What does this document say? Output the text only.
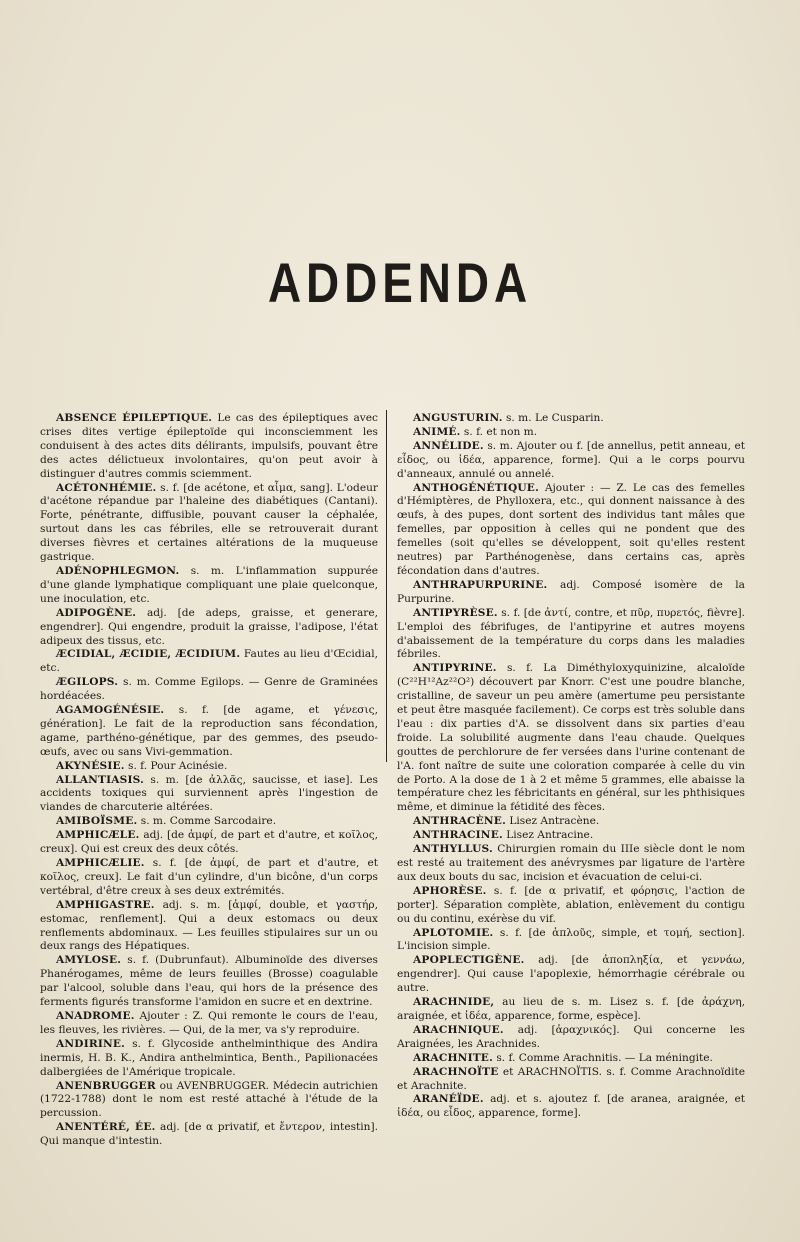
ADDENDA

ABSENCE ÉPILEPTIQUE. Le cas des épileptiques avec crises dites vertige épileptoïde qui inconsciemment les conduisent à des actes dits délirants, impulsifs, pouvant être des actes délictueux involontaires, qu'on peut avoir à distinguer d'autres commis sciemment.

ACÉTONHÉMIE. s. f. [de acétone, et αἷμα, sang]. L'odeur d'acétone répandue par l'haleine des diabétiques (Cantani). Forte, pénétrante, diffusible, pouvant causer la céphalée, surtout dans les cas fébriles, elle se retrouverait durant diverses fièvres et certaines altérations de la muqueuse gastrique.

ADÉNOPHLEGMON. s. m. L'inflammation suppurée d'une glande lymphatique compliquant une plaie quelconque, une inoculation, etc.

ADIPOGÈNE. adj. [de adeps, graisse, et generare, engendrer]. Qui engendre, produit la graisse, l'adipose, l'état adipeux des tissus, etc.

ÆCIDIAL, ÆCIDIE, ÆCIDIUM. Fautes au lieu d'Œcidial, etc.

ÆGILOPS. s. m. Comme Egilops. — Genre de Graminées hordéacées.

AGAMOGÉNÉSIE. s. f. [de agame, et γένεσις, génération]. Le fait de la reproduction sans fécondation, agame, parthéno-génétique, par des gemmes, des pseudo-œufs, avec ou sans Vivi-gemmation.

AKYNÉSIE. s. f. Pour Acinésie.

ALLANTIASIS. s. m. [de ἀλλᾶς, saucisse, et iase]. Les accidents toxiques qui surviennent après l'ingestion de viandes de charcuterie altérées.

AMIBOÏSME. s. m. Comme Sarcodaire.

AMPHICÆLE. adj. [de ἀμφί, de part et d'autre, et κοῖλος, creux]. Qui est creux des deux côtés.

AMPHICÆLIE. s. f. [de ἀμφί, de part et d'autre, et κοῖλος, creux]. Le fait d'un cylindre, d'un bicône, d'un corps vertébral, d'être creux à ses deux extrémités.

AMPHIGASTRE. adj. s. m. [ἀμφί, double, et γαστήρ, estomac, renflement]. Qui a deux estomacs ou deux renflements abdominaux. — Les feuilles stipulaires sur un ou deux rangs des Hépatiques.

AMYLOSE. s. f. (Dubrunfaut). Albuminoïde des diverses Phanérogames, même de leurs feuilles (Brosse) coagulable par l'alcool, soluble dans l'eau, qui hors de la présence des ferments figurés transforme l'amidon en sucre et en dextrine.

ANADROME. Ajouter : Z. Qui remonte le cours de l'eau, les fleuves, les rivières. — Qui, de la mer, va s'y reproduire.

ANDIRINE. s. f. Glycoside anthelminthique des Andira inermis, H. B. K., Andira anthelmintica, Benth., Papilionacées dalbergiées de l'Amérique tropicale.

ANENBRUGGER ou AVENBRUGGER. Médecin autrichien (1722-1788) dont le nom est resté attaché à l'étude de la percussion.

ANENTÉRÉ, ÉE. adj. [de α privatif, et ἔντερον, intestin]. Qui manque d'intestin.

ANGUSTURIN. s. m. Le Cusparin.

ANIMÉ. s. f. et non m.

ANNÉLIDE. s. m. Ajouter ou f. [de annellus, petit anneau, et εἶδος, ou ἰδέα, apparence, forme]. Qui a le corps pourvu d'anneaux, annulé ou annelé.

ANTHOGÉNÉTIQUE. Ajouter : — Z. Le cas des femelles d'Hémiptères, de Phylloxera, etc., qui donnent naissance à des œufs, à des pupes, dont sortent des individus tant mâles que femelles, par opposition à celles qui ne pondent que des femelles (soit qu'elles se développent, soit qu'elles restent neutres) par Parthénogenèse, dans certains cas, après fécondation dans d'autres.

ANTHRAPURPURINE. adj. Composé isomère de la Purpurine.

ANTIPYRÈSE. s. f. [de ἀντί, contre, et πῦρ, πυρετός, fièvre]. L'emploi des fébrifuges, de l'antipyrine et autres moyens d'abaissement de la température du corps dans les maladies fébriles.

ANTIPYRINE. s. f. La Diméthyloxyquinizine, alcaloïde (C²²H¹²Az²²O²) découvert par Knorr. C'est une poudre blanche, cristalline, de saveur un peu amère (amertume peu persistante et peut être masquée facilement). Ce corps est très soluble dans l'eau : dix parties d'A. se dissolvent dans six parties d'eau froide. La solubilité augmente dans l'eau chaude. Quelques gouttes de perchlorure de fer versées dans l'urine contenant de l'A. font naître de suite une coloration comparée à celle du vin de Porto. A la dose de 1 à 2 et même 5 grammes, elle abaisse la température chez les fébricitants en général, sur les phthisiques même, et diminue la fétidité des fèces.

ANTHRACÈNE. Lisez Antracène.

ANTHRACINE. Lisez Antracine.

ANTHYLLUS. Chirurgien romain du IIIe siècle dont le nom est resté au traitement des anévrysmes par ligature de l'artère aux deux bouts du sac, incision et évacuation de celui-ci.

APHORÈSE. s. f. [de α privatif, et φόρησις, l'action de porter]. Séparation complète, ablation, enlèvement du contigu ou du continu, exérèse du vif.

APLOTOMIE. s. f. [de ἁπλοῦς, simple, et τομή, section]. L'incision simple.

APOPLECTIGÈNE. adj. [de ἀποπληξία, et γεννάω, engendrer]. Qui cause l'apoplexie, hémorrhagie cérébrale ou autre.

ARACHNIDE, au lieu de s. m. Lisez s. f. [de ἀράχνη, araignée, et ἰδέα, apparence, forme, espèce].

ARACHNIQUE. adj. [ἀραχνικός]. Qui concerne les Araignées, les Arachnides.

ARACHNITE. s. f. Comme Arachnitis. — La méningite.

ARACHNOÏTE et ARACHNOÏTIS. s. f. Comme Arachnoïdite et Arachnite.

ARANÉÏDE. adj. et s. ajoutez f. [de aranea, araignée, et ἰδέα, ou εἶδος, apparence, forme].
